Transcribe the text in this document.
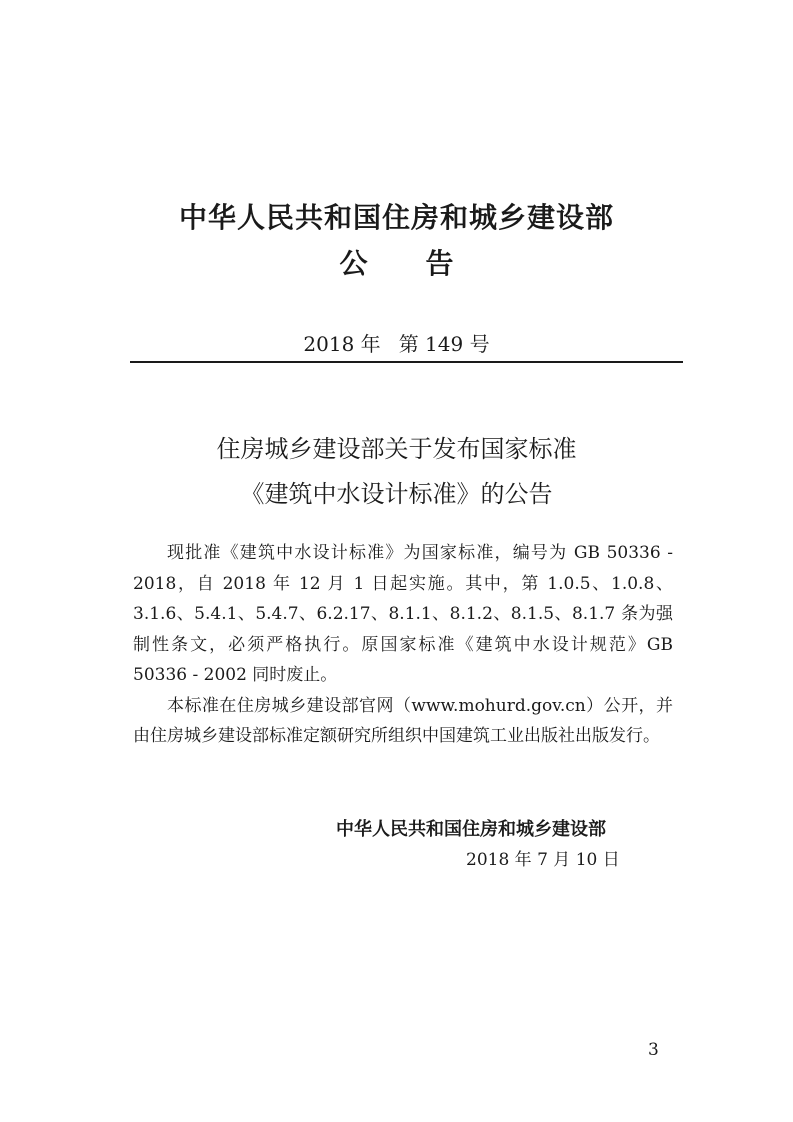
中华人民共和国住房和城乡建设部
公 告
2018 年 第 149 号
住房城乡建设部关于发布国家标准
《建筑中水设计标准》的公告

现批准《建筑中水设计标准》为国家标准，编号为 GB 50336 - 2018，自 2018 年 12 月 1 日起实施。其中，第 1.0.5、1.0.8、3.1.6、5.4.1、5.4.7、6.2.17、8.1.1、8.1.2、8.1.5、8.1.7 条为强制性条文，必须严格执行。原国家标准《建筑中水设计规范》GB 50336 - 2002 同时废止。

本标准在住房城乡建设部官网（www.mohurd.gov.cn）公开，并由住房城乡建设部标准定额研究所组织中国建筑工业出版社出版发行。

中华人民共和国住房和城乡建设部
2018 年 7 月 10 日
3
